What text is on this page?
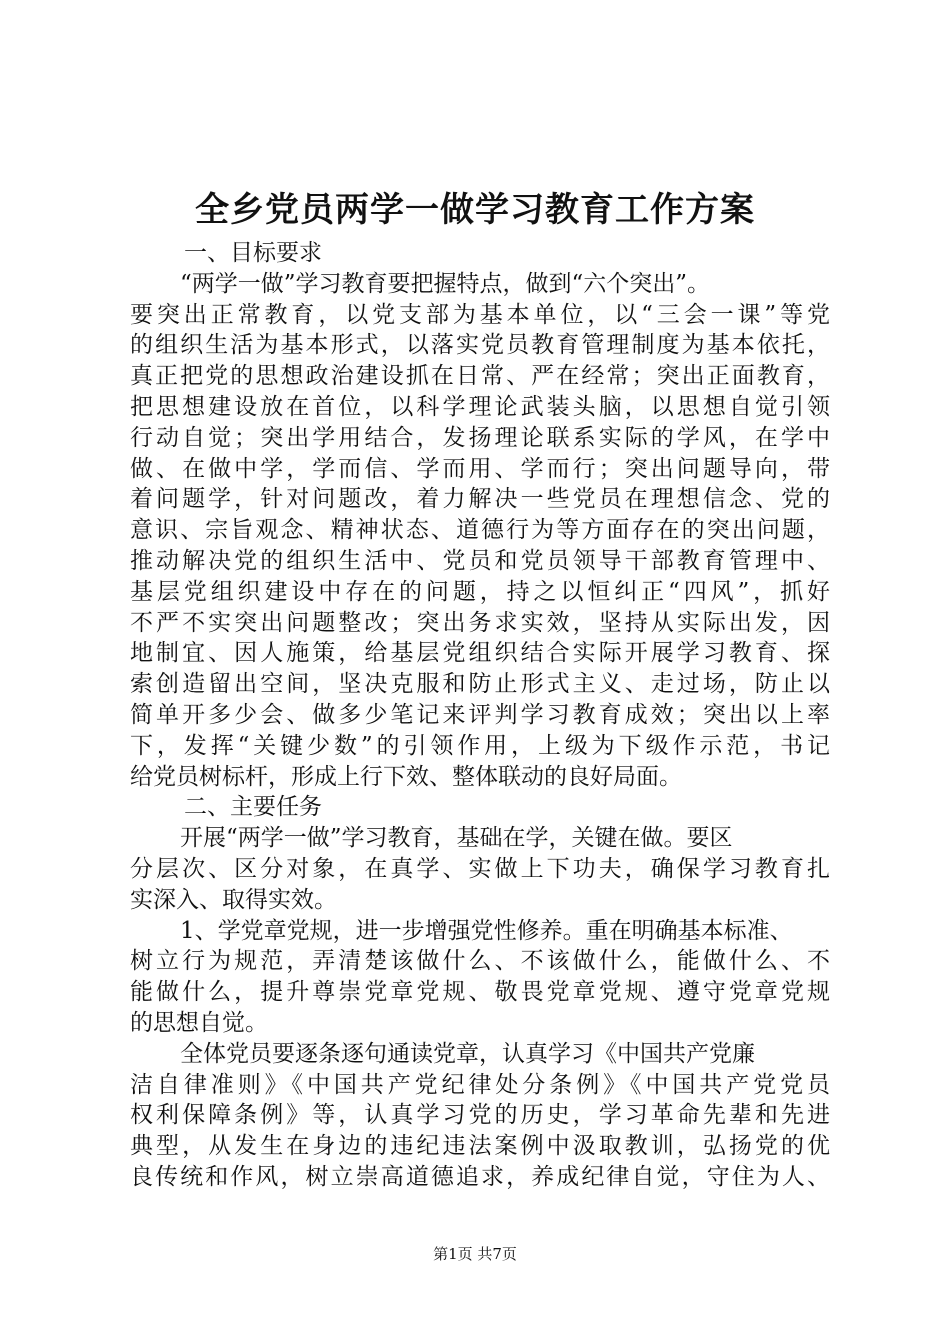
全乡党员两学一做学习教育工作方案
一、目标要求
“两学一做”学习教育要把握特点，做到“六个突出”。
要突出正常教育，以党支部为基本单位，以“三会一课”等党
的组织生活为基本形式，以落实党员教育管理制度为基本依托，
真正把党的思想政治建设抓在日常、严在经常；突出正面教育，
把思想建设放在首位，以科学理论武装头脑，以思想自觉引领
行动自觉；突出学用结合，发扬理论联系实际的学风，在学中
做、在做中学，学而信、学而用、学而行；突出问题导向，带
着问题学，针对问题改，着力解决一些党员在理想信念、党的
意识、宗旨观念、精神状态、道德行为等方面存在的突出问题，
推动解决党的组织生活中、党员和党员领导干部教育管理中、
基层党组织建设中存在的问题，持之以恒纠正“四风”，抓好
不严不实突出问题整改；突出务求实效，坚持从实际出发，因
地制宜、因人施策，给基层党组织结合实际开展学习教育、探
索创造留出空间，坚决克服和防止形式主义、走过场，防止以
简单开多少会、做多少笔记来评判学习教育成效；突出以上率
下，发挥“关键少数”的引领作用，上级为下级作示范，书记
给党员树标杆，形成上行下效、整体联动的良好局面。
二、主要任务
开展“两学一做”学习教育，基础在学，关键在做。要区
分层次、区分对象，在真学、实做上下功夫，确保学习教育扎
实深入、取得实效。
1、学党章党规，进一步增强党性修养。重在明确基本标准、
树立行为规范，弄清楚该做什么、不该做什么，能做什么、不
能做什么，提升尊崇党章党规、敬畏党章党规、遵守党章党规
的思想自觉。
全体党员要逐条逐句通读党章，认真学习《中国共产党廉
洁自律准则》《中国共产党纪律处分条例》《中国共产党党员
权利保障条例》等，认真学习党的历史，学习革命先辈和先进
典型，从发生在身边的违纪违法案例中汲取教训，弘扬党的优
良传统和作风，树立崇高道德追求，养成纪律自觉，守住为人、
第1页 共7页
